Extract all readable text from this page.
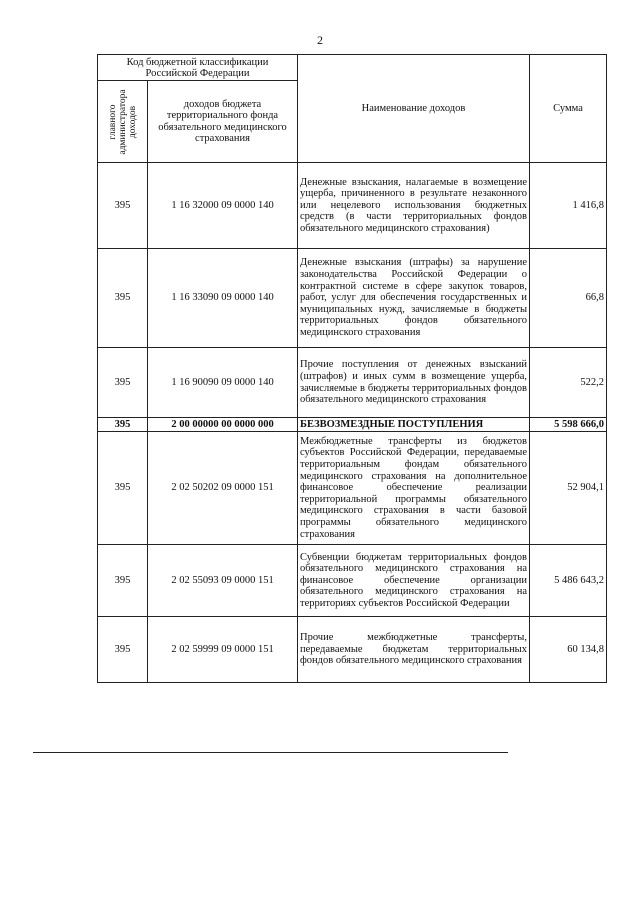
2
Код бюджетной классификации Российской Федерации		Наименование доходов	Сумма

главного администратора доходов	доходов бюджета территориального фонда обязательного медицинского страхования		
395	1 16 32000 09 0000 140	Денежные взыскания, налагаемые в возмещение ущерба, причиненного в результате незаконного или нецелевого использования бюджетных средств (в части территориальных фондов обязательного медицинского страхования)	1 416,8
395	1 16 33090 09 0000 140	Денежные взыскания (штрафы) за нарушение законодательства Российской Федерации о контрактной системе в сфере закупок товаров, работ, услуг для обеспечения государственных и муниципальных нужд, зачисляемые в бюджеты территориальных фондов обязательного медицинского страхования	66,8
395	1 16 90090 09 0000 140	Прочие поступления от денежных взысканий (штрафов) и иных сумм в возмещение ущерба, зачисляемые в бюджеты территориальных фондов обязательного медицинского страхования	522,2
395	2 00 00000 00 0000 000	БЕЗВОЗМЕЗДНЫЕ ПОСТУПЛЕНИЯ	5 598 666,0
395	2 02 50202 09 0000 151	Межбюджетные трансферты из бюджетов субъектов Российской Федерации, передаваемые территориальным фондам обязательного медицинского страхования на дополнительное финансовое обеспечение реализации территориальной программы обязательного медицинского страхования в части базовой программы обязательного медицинского страхования	52 904,1
395	2 02 55093 09 0000 151	Субвенции бюджетам территориальных фондов обязательного медицинского страхования на финансовое обеспечение организации обязательного медицинского страхования на территориях субъектов Российской Федерации	5 486 643,2
395	2 02 59999 09 0000 151	Прочие межбюджетные трансферты, передаваемые бюджетам территориальных фондов обязательного медицинского страхования	60 134,8
